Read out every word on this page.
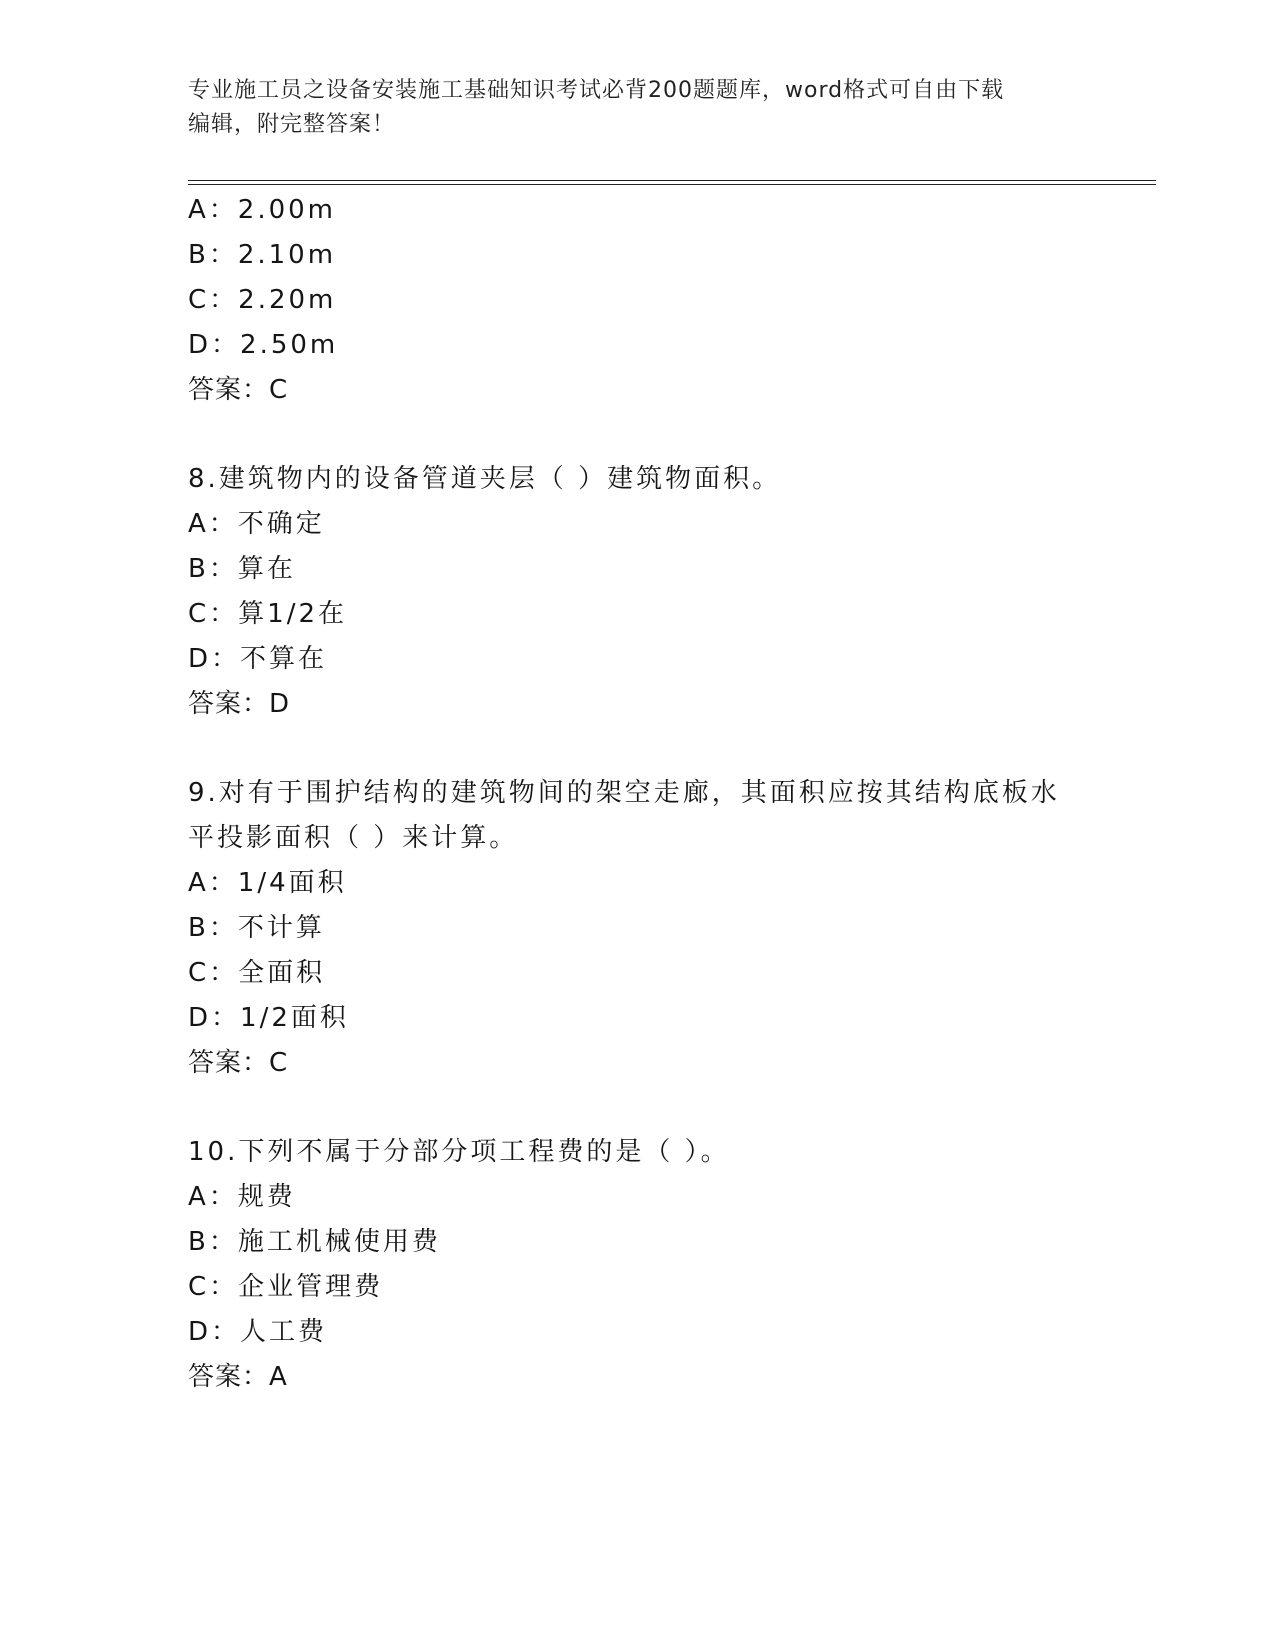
专业施工员之设备安装施工基础知识考试必背200题题库，word格式可自由下载
编辑，附完整答案！
A：2.00m
B：2.10m
C：2.20m
D：2.50m
答案：C
8.建筑物内的设备管道夹层（ ）建筑物面积。
A：不确定
B：算在
C：算1/2在
D：不算在
答案：D
9.对有于围护结构的建筑物间的架空走廊，其面积应按其结构底板水
平投影面积（ ）来计算。
A：1/4面积
B：不计算
C：全面积
D：1/2面积
答案：C
10.下列不属于分部分项工程费的是（ ）。
A：规费
B：施工机械使用费
C：企业管理费
D：人工费
答案：A
